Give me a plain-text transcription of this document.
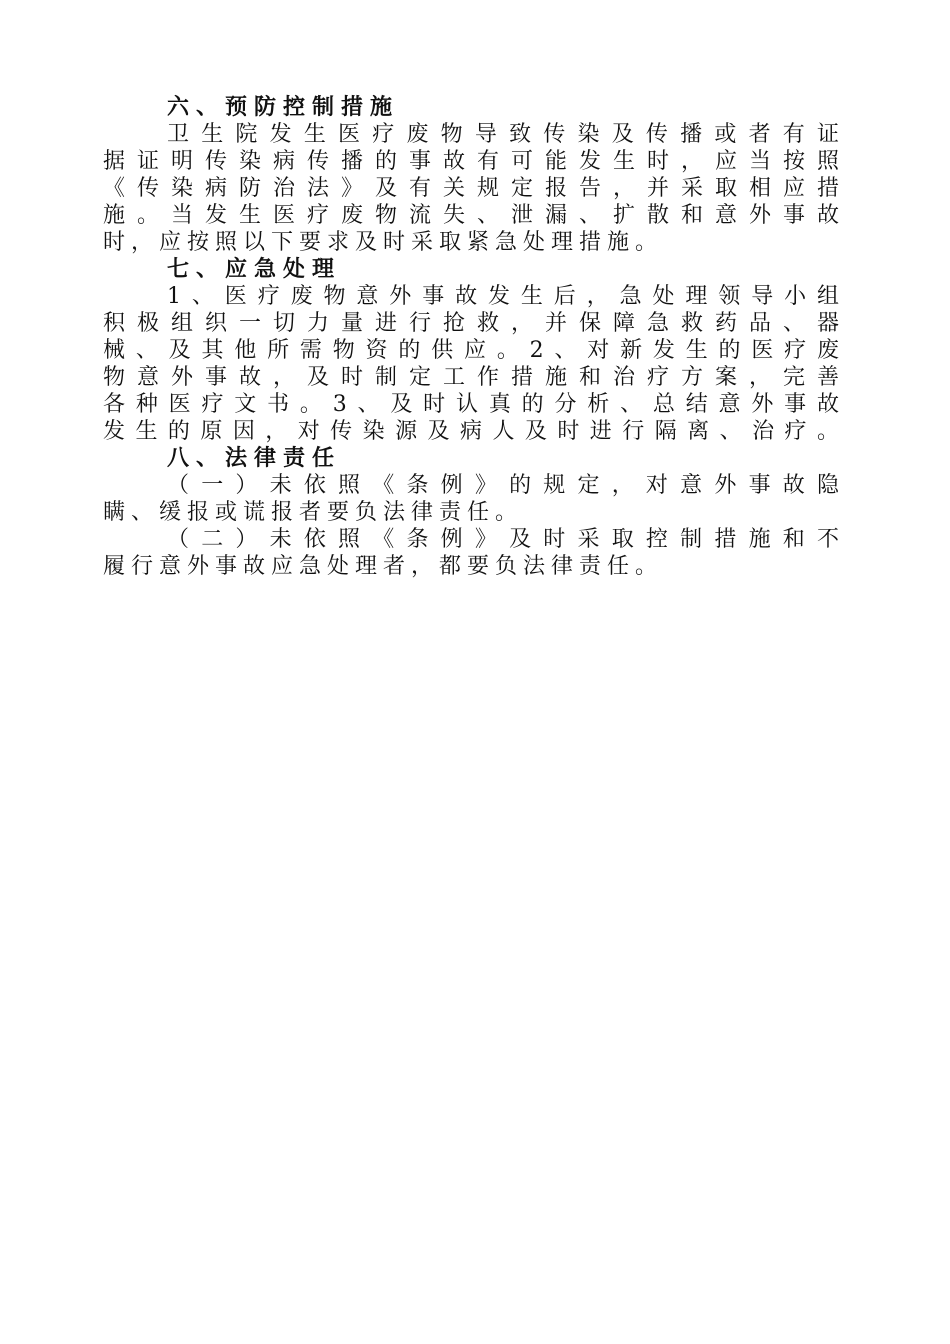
六、预防控制措施
卫生院发生医疗废物导致传染及传播或者有证
据证明传染病传播的事故有可能发生时，应当按照
《传染病防治法》及有关规定报告，并采取相应措
施。当发生医疗废物流失、泄漏、扩散和意外事故
时，应按照以下要求及时采取紧急处理措施。
七、应急处理
1、医疗废物意外事故发生后，急处理领导小组
积极组织一切力量进行抢救，并保障急救药品、器
械、及其他所需物资的供应。2、对新发生的医疗废
物意外事故，及时制定工作措施和治疗方案，完善
各种医疗文书。3、及时认真的分析、总结意外事故
发生的原因，对传染源及病人及时进行隔离、治疗。
八、法律责任
（一）未依照《条例》的规定，对意外事故隐
瞒、缓报或谎报者要负法律责任。
（二）未依照《条例》及时采取控制措施和不
履行意外事故应急处理者，都要负法律责任。
